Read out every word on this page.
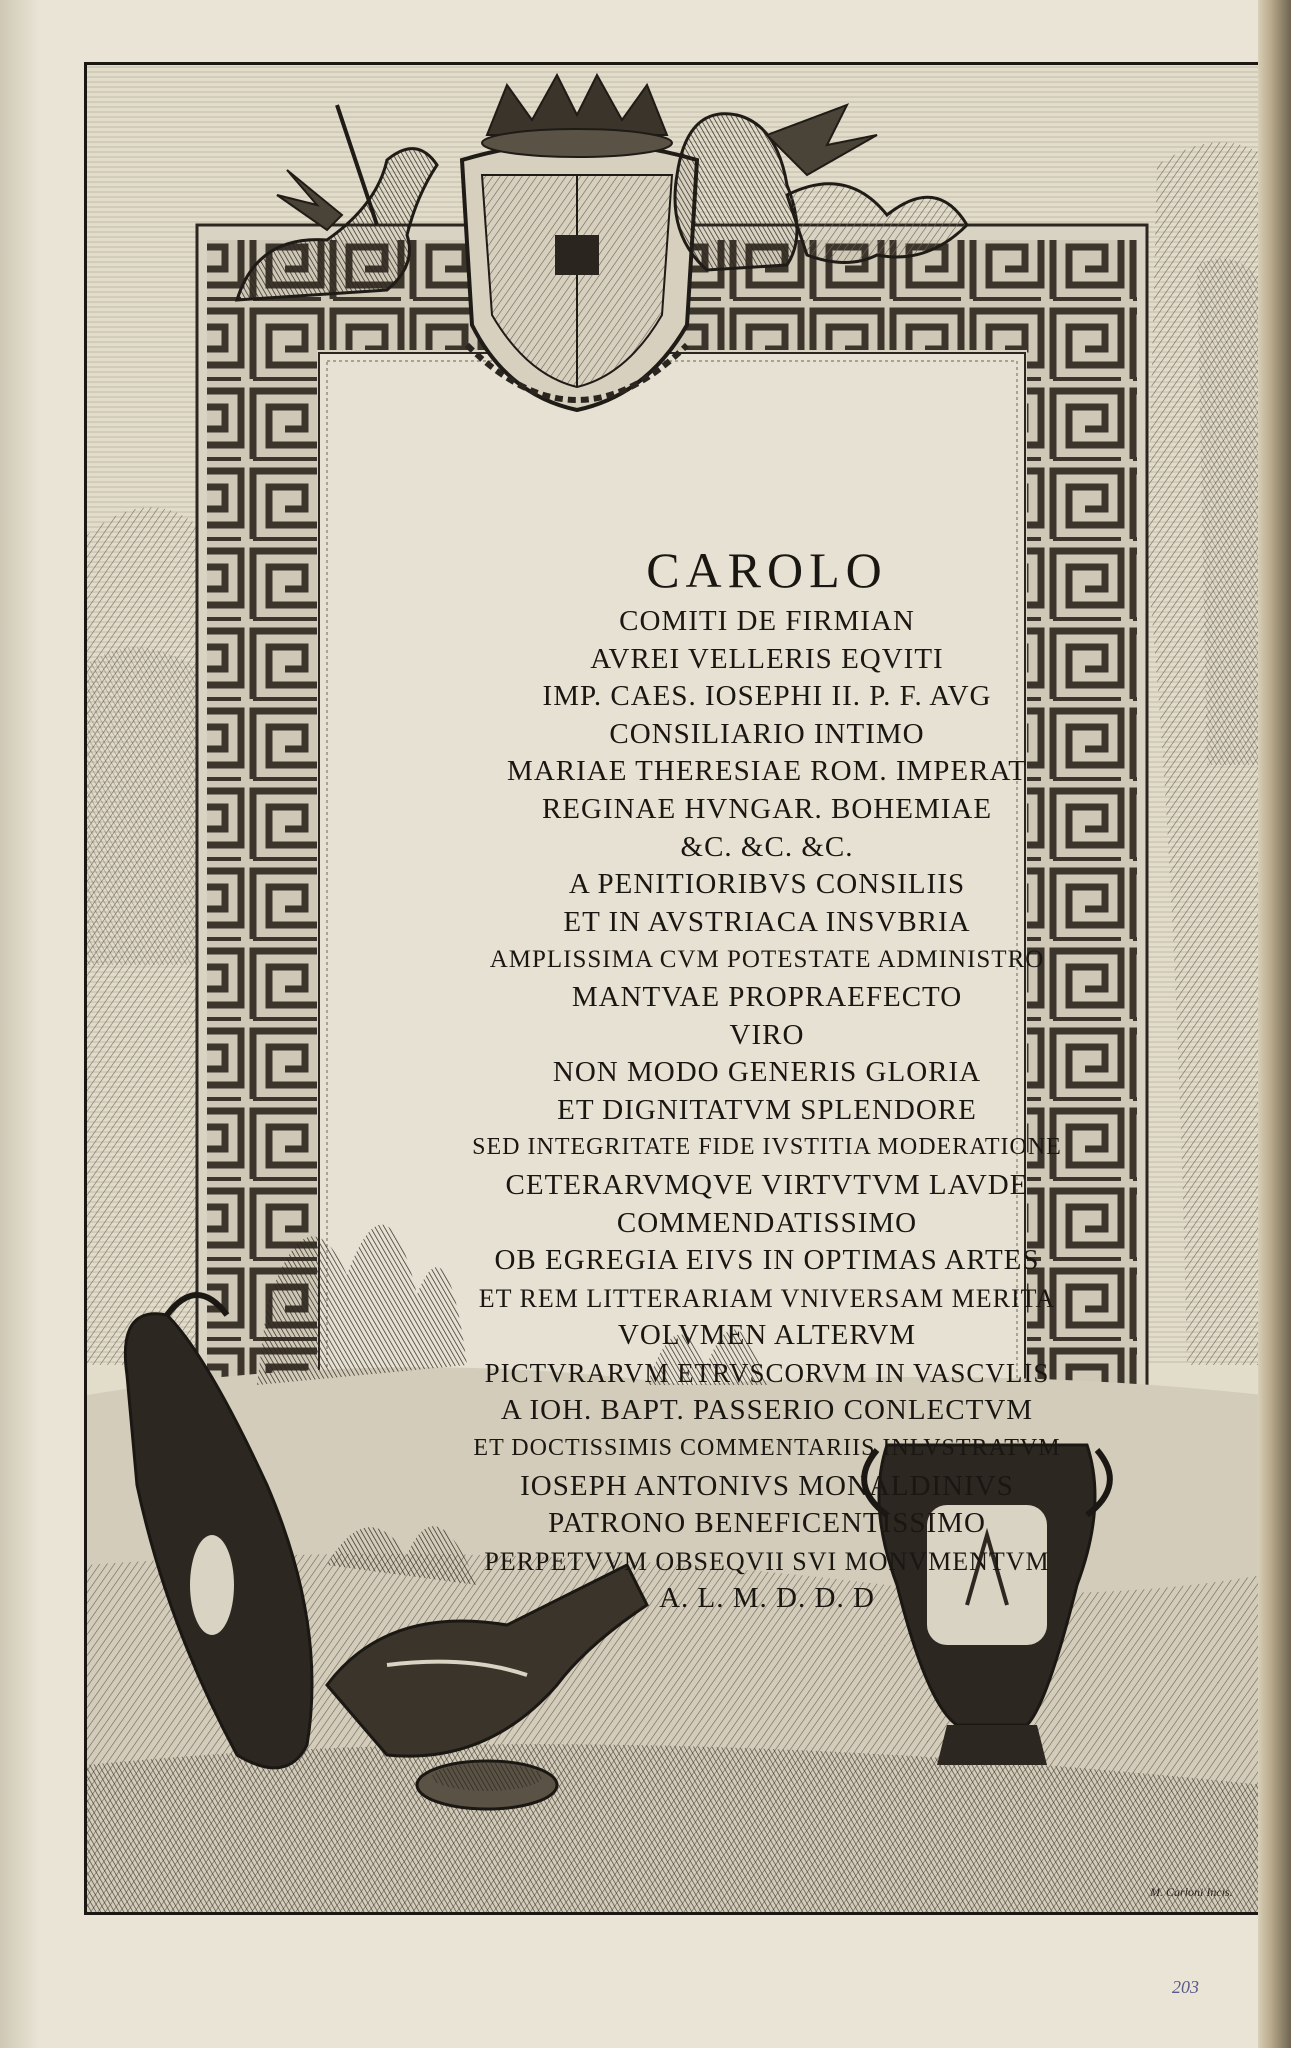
CAROLO
COMITI DE FIRMIAN
AVREI VELLERIS EQVITI
IMP. CAES. IOSEPHI II. P. F. AVG
CONSILIARIO INTIMO
MARIAE THERESIAE ROM. IMPERAT
REGINAE HVNGAR. BOHEMIAE
&C. &C. &C.
A PENITIORIBVS CONSILIIS
ET IN AVSTRIACA INSVBRIA
AMPLISSIMA CVM POTESTATE ADMINISTRO
MANTVAE PROPRAEFECTO
VIRO
NON MODO GENERIS GLORIA
ET DIGNITATVM SPLENDORE
SED INTEGRITATE FIDE IVSTITIA MODERATIONE
CETERARVMQVE VIRTVTVM LAVDE
COMMENDATISSIMO
OB EGREGIA EIVS IN OPTIMAS ARTES
ET REM LITTERARIAM VNIVERSAM MERITA
VOLVMEN ALTERVM
PICTVRARVM ETRVSCORVM IN VASCVLIS
A IOH. BAPT. PASSERIO CONLECTVM
ET DOCTISSIMIS COMMENTARIIS INLVSTRATVM
IOSEPH ANTONIVS MONALDINIVS
PATRONO BENEFICENTISSIMO
PERPETVVM OBSEQVII SVI MONVMENTVM
A. L. M. D. D. D
M. Carloni Incis.
203
